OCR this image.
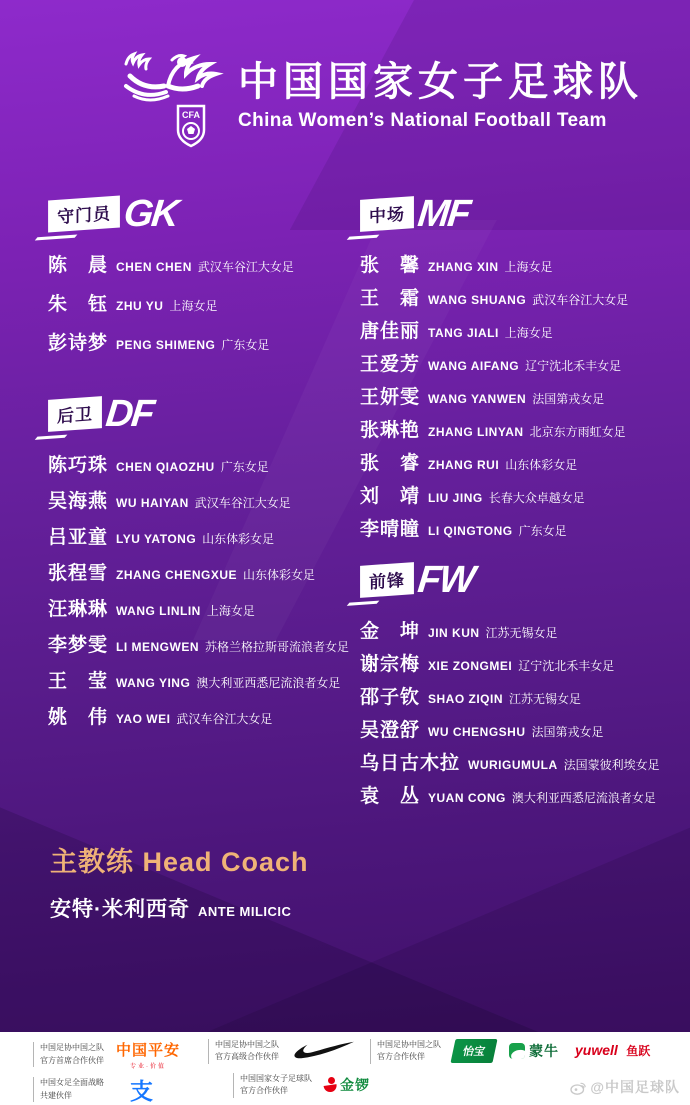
CFA
中国国家女子足球队
China Women’s National Football Team
守门员 GK
陈　晨 CHEN CHEN 武汉车谷江大女足
朱　钰 ZHU YU 上海女足
彭诗梦 PENG SHIMENG 广东女足
后卫 DF
陈巧珠 CHEN QIAOZHU 广东女足
吴海燕 WU HAIYAN 武汉车谷江大女足
吕亚童 LYU YATONG 山东体彩女足
张程雪 ZHANG CHENGXUE 山东体彩女足
汪琳琳 WANG LINLIN 上海女足
李梦雯 LI MENGWEN 苏格兰格拉斯哥流浪者女足
王　莹 WANG YING 澳大利亚西悉尼流浪者女足
姚　伟 YAO WEI 武汉车谷江大女足
中场 MF
张　馨 ZHANG XIN 上海女足
王　霜 WANG SHUANG 武汉车谷江大女足
唐佳丽 TANG JIALI 上海女足
王爱芳 WANG AIFANG 辽宁沈北禾丰女足
王妍雯 WANG YANWEN 法国第戎女足
张琳艳 ZHANG LINYAN 北京东方雨虹女足
张　睿 ZHANG RUI 山东体彩女足
刘　靖 LIU JING 长春大众卓越女足
李晴瞳 LI QINGTONG 广东女足
前锋 FW
金　坤 JIN KUN 江苏无锡女足
谢宗梅 XIE ZONGMEI 辽宁沈北禾丰女足
邵子钦 SHAO ZIQIN 江苏无锡女足
吴澄舒 WU CHENGSHU 法国第戎女足
乌日古木拉 WURIGUMULA 法国蒙彼利埃女足
袁　丛 YUAN CONG 澳大利亚西悉尼流浪者女足
主教练 Head Coach
安特·米利西奇 ANTE MILICIC
中国足协中国之队
官方首席合作伙伴
中国平安
专业·价值
中国足协中国之队
官方高级合作伙伴
中国足协中国之队
官方合作伙伴	怡宝	蒙牛 yuwell 鱼跃
中国女足全面战略
共建伙伴	支	中国国家女子足球队
官方合作伙伴	金锣	@中国足球队
